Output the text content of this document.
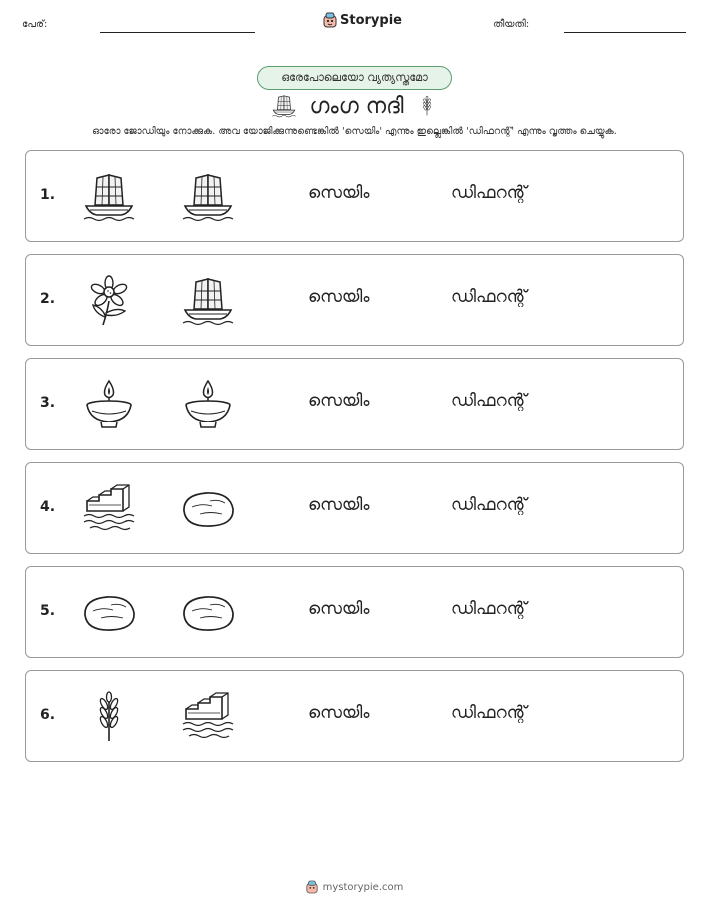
പേര്:	Storypie	തീയതി:
ഒരേപോലെയോ വ്യത്യസ്തമോ
ഗംഗ നദി
ഓരോ ജോഡിയും നോക്കുക. അവ യോജിക്കുന്നുണ്ടെങ്കിൽ 'സെയിം' എന്നും ഇല്ലെങ്കിൽ 'ഡിഫറന്റ്' എന്നും വൃത്തം ചെയ്യുക.
1.	സെയിം	ഡിഫറന്റ്
2.	സെയിം	ഡിഫറന്റ്
3.	സെയിം	ഡിഫറന്റ്
4.	സെയിം	ഡിഫറന്റ്
5.	സെയിം	ഡിഫറന്റ്
6.	സെയിം	ഡിഫറന്റ്
mystorypie.com
